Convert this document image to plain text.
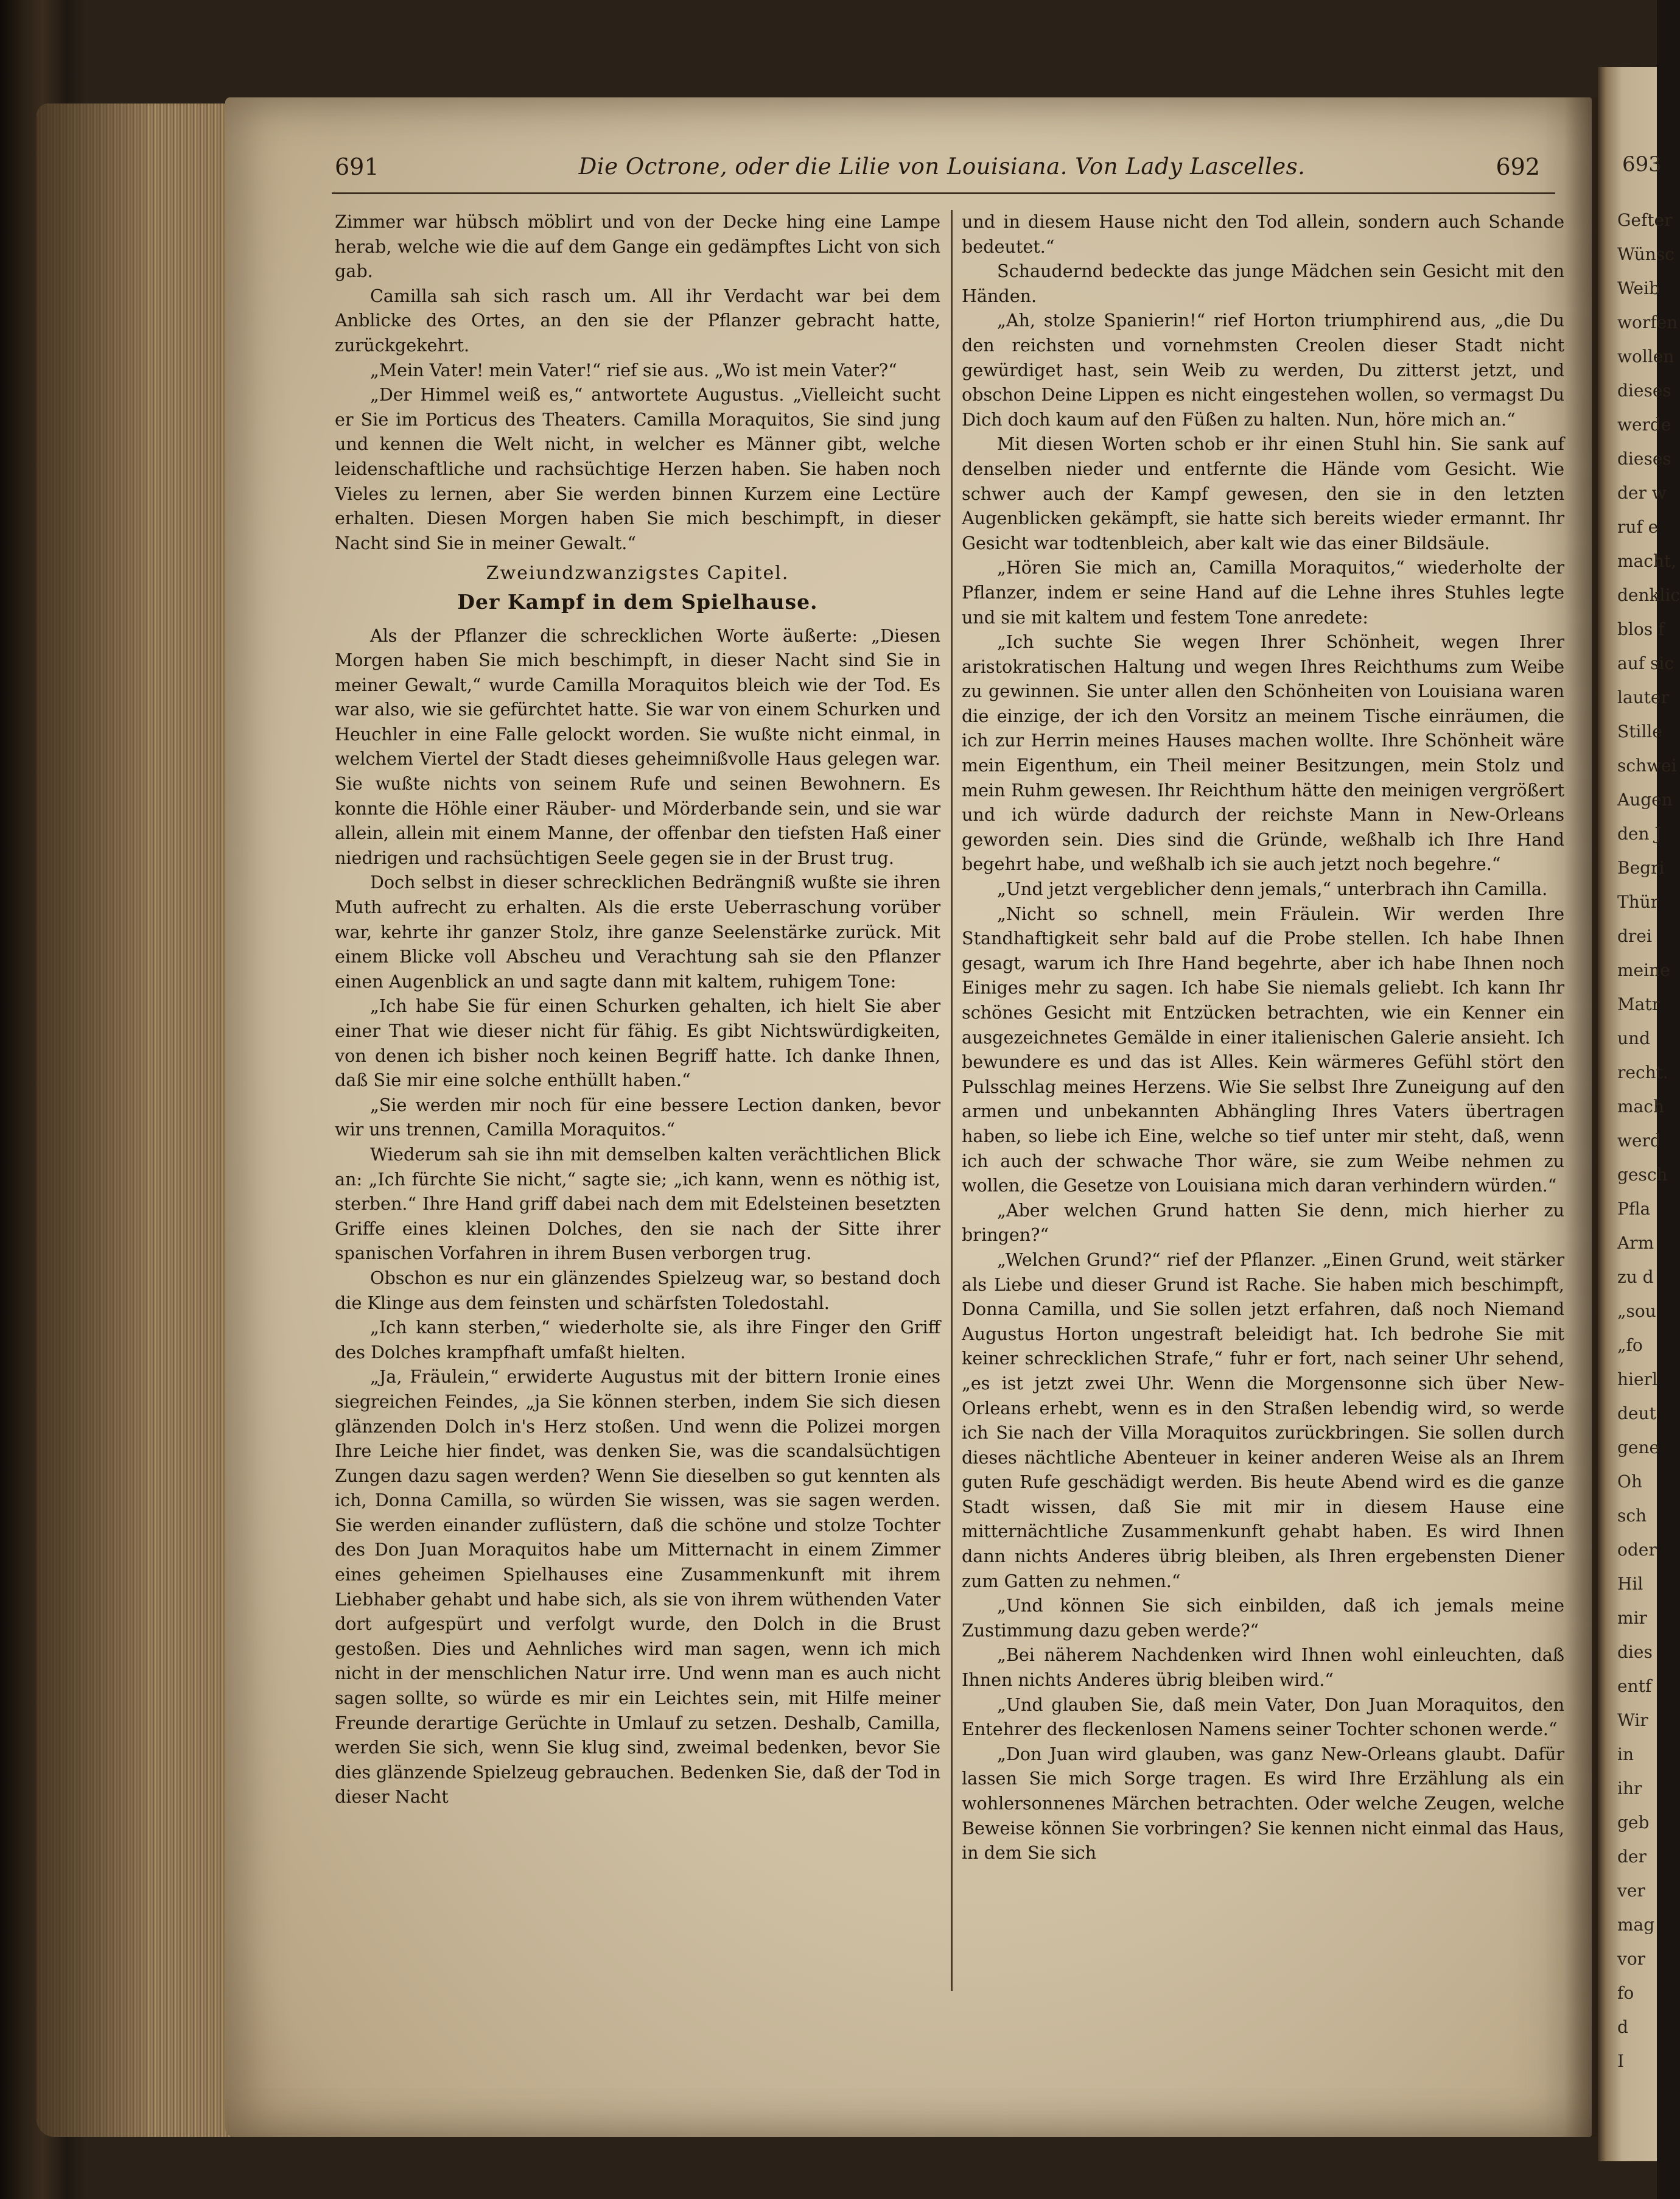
691	Die Octrone, oder die Lilie von Louisiana. Von Lady Lascelles.	692

Zimmer war hübsch möblirt und von der Decke hing eine Lampe herab, welche wie die auf dem Gange ein gedämpftes Licht von sich gab.

Camilla sah sich rasch um. All ihr Verdacht war bei dem Anblicke des Ortes, an den sie der Pflanzer gebracht hatte, zurückgekehrt.

„Mein Vater! mein Vater!“ rief sie aus. „Wo ist mein Vater?“

„Der Himmel weiß es,“ antwortete Augustus. „Vielleicht sucht er Sie im Porticus des Theaters. Camilla Moraquitos, Sie sind jung und kennen die Welt nicht, in welcher es Männer gibt, welche leidenschaftliche und rachsüchtige Herzen haben. Sie haben noch Vieles zu lernen, aber Sie werden binnen Kurzem eine Lectüre erhalten. Diesen Morgen haben Sie mich beschimpft, in dieser Nacht sind Sie in meiner Gewalt.“

Zweiundzwanzigstes Capitel.

Der Kampf in dem Spielhause.

Als der Pflanzer die schrecklichen Worte äußerte: „Diesen Morgen haben Sie mich beschimpft, in dieser Nacht sind Sie in meiner Gewalt,“ wurde Camilla Moraquitos bleich wie der Tod. Es war also, wie sie gefürchtet hatte. Sie war von einem Schurken und Heuchler in eine Falle gelockt worden. Sie wußte nicht einmal, in welchem Viertel der Stadt dieses geheimnißvolle Haus gelegen war. Sie wußte nichts von seinem Rufe und seinen Bewohnern. Es konnte die Höhle einer Räuber- und Mörderbande sein, und sie war allein, allein mit einem Manne, der offenbar den tiefsten Haß einer niedrigen und rachsüchtigen Seele gegen sie in der Brust trug.

Doch selbst in dieser schrecklichen Bedrängniß wußte sie ihren Muth aufrecht zu erhalten. Als die erste Ueberraschung vorüber war, kehrte ihr ganzer Stolz, ihre ganze Seelenstärke zurück. Mit einem Blicke voll Abscheu und Verachtung sah sie den Pflanzer einen Augenblick an und sagte dann mit kaltem, ruhigem Tone:

„Ich habe Sie für einen Schurken gehalten, ich hielt Sie aber einer That wie dieser nicht für fähig. Es gibt Nichtswürdigkeiten, von denen ich bisher noch keinen Begriff hatte. Ich danke Ihnen, daß Sie mir eine solche enthüllt haben.“

„Sie werden mir noch für eine bessere Lection danken, bevor wir uns trennen, Camilla Moraquitos.“

Wiederum sah sie ihn mit demselben kalten verächtlichen Blick an: „Ich fürchte Sie nicht,“ sagte sie; „ich kann, wenn es nöthig ist, sterben.“ Ihre Hand griff dabei nach dem mit Edelsteinen besetzten Griffe eines kleinen Dolches, den sie nach der Sitte ihrer spanischen Vorfahren in ihrem Busen verborgen trug.

Obschon es nur ein glänzendes Spielzeug war, so bestand doch die Klinge aus dem feinsten und schärfsten Toledostahl.

„Ich kann sterben,“ wiederholte sie, als ihre Finger den Griff des Dolches krampfhaft umfaßt hielten.

„Ja, Fräulein,“ erwiderte Augustus mit der bittern Ironie eines siegreichen Feindes, „ja Sie können sterben, indem Sie sich diesen glänzenden Dolch in's Herz stoßen. Und wenn die Polizei morgen Ihre Leiche hier findet, was denken Sie, was die scandalsüchtigen Zungen dazu sagen werden? Wenn Sie dieselben so gut kennten als ich, Donna Camilla, so würden Sie wissen, was sie sagen werden. Sie werden einander zuflüstern, daß die schöne und stolze Tochter des Don Juan Moraquitos habe um Mitternacht in einem Zimmer eines geheimen Spielhauses eine Zusammenkunft mit ihrem Liebhaber gehabt und habe sich, als sie von ihrem wüthenden Vater dort aufgespürt und verfolgt wurde, den Dolch in die Brust gestoßen. Dies und Aehnliches wird man sagen, wenn ich mich nicht in der menschlichen Natur irre. Und wenn man es auch nicht sagen sollte, so würde es mir ein Leichtes sein, mit Hilfe meiner Freunde derartige Gerüchte in Umlauf zu setzen. Deshalb, Camilla, werden Sie sich, wenn Sie klug sind, zweimal bedenken, bevor Sie dies glänzende Spielzeug gebrauchen. Bedenken Sie, daß der Tod in dieser Nacht

und in diesem Hause nicht den Tod allein, sondern auch Schande bedeutet.“

Schaudernd bedeckte das junge Mädchen sein Gesicht mit den Händen.

„Ah, stolze Spanierin!“ rief Horton triumphirend aus, „die Du den reichsten und vornehmsten Creolen dieser Stadt nicht gewürdiget hast, sein Weib zu werden, Du zitterst jetzt, und obschon Deine Lippen es nicht eingestehen wollen, so vermagst Du Dich doch kaum auf den Füßen zu halten. Nun, höre mich an.“

Mit diesen Worten schob er ihr einen Stuhl hin. Sie sank auf denselben nieder und entfernte die Hände vom Gesicht. Wie schwer auch der Kampf gewesen, den sie in den letzten Augenblicken gekämpft, sie hatte sich bereits wieder ermannt. Ihr Gesicht war todtenbleich, aber kalt wie das einer Bildsäule.

„Hören Sie mich an, Camilla Moraquitos,“ wiederholte der Pflanzer, indem er seine Hand auf die Lehne ihres Stuhles legte und sie mit kaltem und festem Tone anredete:

„Ich suchte Sie wegen Ihrer Schönheit, wegen Ihrer aristokratischen Haltung und wegen Ihres Reichthums zum Weibe zu gewinnen. Sie unter allen den Schönheiten von Louisiana waren die einzige, der ich den Vorsitz an meinem Tische einräumen, die ich zur Herrin meines Hauses machen wollte. Ihre Schönheit wäre mein Eigenthum, ein Theil meiner Besitzungen, mein Stolz und mein Ruhm gewesen. Ihr Reichthum hätte den meinigen vergrößert und ich würde dadurch der reichste Mann in New-Orleans geworden sein. Dies sind die Gründe, weßhalb ich Ihre Hand begehrt habe, und weßhalb ich sie auch jetzt noch begehre.“

„Und jetzt vergeblicher denn jemals,“ unterbrach ihn Camilla.

„Nicht so schnell, mein Fräulein. Wir werden Ihre Standhaftigkeit sehr bald auf die Probe stellen. Ich habe Ihnen gesagt, warum ich Ihre Hand begehrte, aber ich habe Ihnen noch Einiges mehr zu sagen. Ich habe Sie niemals geliebt. Ich kann Ihr schönes Gesicht mit Entzücken betrachten, wie ein Kenner ein ausgezeichnetes Gemälde in einer italienischen Galerie ansieht. Ich bewundere es und das ist Alles. Kein wärmeres Gefühl stört den Pulsschlag meines Herzens. Wie Sie selbst Ihre Zuneigung auf den armen und unbekannten Abhängling Ihres Vaters übertragen haben, so liebe ich Eine, welche so tief unter mir steht, daß, wenn ich auch der schwache Thor wäre, sie zum Weibe nehmen zu wollen, die Gesetze von Louisiana mich daran verhindern würden.“

„Aber welchen Grund hatten Sie denn, mich hierher zu bringen?“

„Welchen Grund?“ rief der Pflanzer. „Einen Grund, weit stärker als Liebe und dieser Grund ist Rache. Sie haben mich beschimpft, Donna Camilla, und Sie sollen jetzt erfahren, daß noch Niemand Augustus Horton ungestraft beleidigt hat. Ich bedrohe Sie mit keiner schrecklichen Strafe,“ fuhr er fort, nach seiner Uhr sehend, „es ist jetzt zwei Uhr. Wenn die Morgensonne sich über New-Orleans erhebt, wenn es in den Straßen lebendig wird, so werde ich Sie nach der Villa Moraquitos zurückbringen. Sie sollen durch dieses nächtliche Abenteuer in keiner anderen Weise als an Ihrem guten Rufe geschädigt werden. Bis heute Abend wird es die ganze Stadt wissen, daß Sie mit mir in diesem Hause eine mitternächtliche Zusammenkunft gehabt haben. Es wird Ihnen dann nichts Anderes übrig bleiben, als Ihren ergebensten Diener zum Gatten zu nehmen.“

„Und können Sie sich einbilden, daß ich jemals meine Zustimmung dazu geben werde?“

„Bei näherem Nachdenken wird Ihnen wohl einleuchten, daß Ihnen nichts Anderes übrig bleiben wird.“

„Und glauben Sie, daß mein Vater, Don Juan Moraquitos, den Entehrer des fleckenlosen Namens seiner Tochter schonen werde.“

„Don Juan wird glauben, was ganz New-Orleans glaubt. Dafür lassen Sie mich Sorge tragen. Es wird Ihre Erzählung als ein wohlersonnenes Märchen betrachten. Oder welche Zeugen, welche Beweise können Sie vorbringen? Sie kennen nicht einmal das Haus, in dem Sie sich

693
Gefter
Wünsc
Weib
worfen
wollen
dieses
werde
dieses
der w
ruf e
macht,
denklic
blos f
auf sic
lauter
Stille
schwei
Augen
den J
Begri
Thür
drei
meine
Matr
und
recht.
mach
werd
gesch
Pfla
Arm
zu d
„sou
„fo
hierl
deut
gene
Oh
sch
oder
Hil
mir
dies
entf
Wir
in
ihr
geb
der
ver
mag
vor
fo
d
I
